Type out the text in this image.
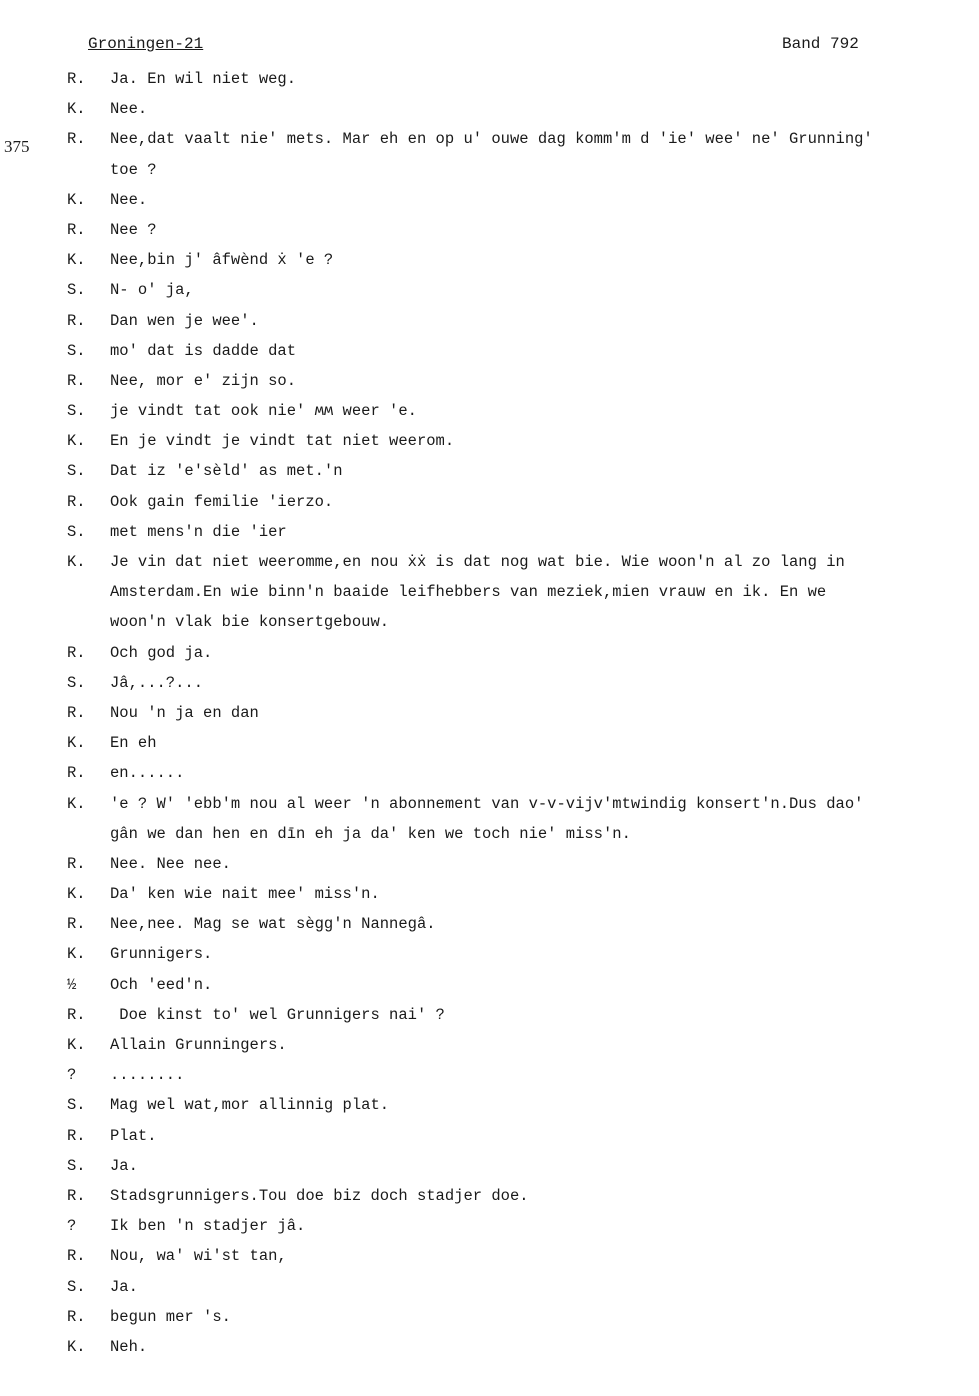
Groningen-21	Band 792
375
R.	Ja. En wil niet weg.
K.	Nee.
R.	Nee,dat vaalt nie' mets. Mar eh en op u' ouwe dag komm'm d 'ie' wee' ne' Grunning'
toe ?
K.	Nee.
R.	Nee ?
K.	Nee,bin j' âfwènd ẋ 'e ?
S.	N- o' ja,
R.	Dan wen je wee'.
S.	mo' dat is dadde dat
R.	Nee, mor e' zijn so.
S.	je vindt tat ook nie' ʍʍ weer 'e.
K.	En je vindt je vindt tat niet weerom.
S.	Dat iz 'e'sèld' as met.'n
R.	Ook gain femilie 'ierzo.
S.	met mens'n die 'ier
K.	Je vin dat niet weeromme,en nou ẋẋ is dat nog wat bie. Wie woon'n al zo lang in
Amsterdam.En wie binn'n baaide leifhebbers van meziek,mien vrauw en ik. En we
woon'n vlak bie konsertgebouw.
R.	Och god ja.
S.	Jâ,...?...
R.	Nou 'n ja en dan
K.	En eh
R.	en......
K.	'e ? W' 'ebb'm nou al weer 'n abonnement van v-v-vijv'mtwindig konsert'n.Dus dao'
gân we dan hen en dīn eh ja da' ken we toch nie' miss'n.
R.	Nee. Nee nee.
K.	Da' ken wie nait mee' miss'n.
R.	Nee,nee. Mag se wat sègg'n Nannegâ.
K.	Grunnigers.
½	Och 'eed'n.
R.	Doe kinst to' wel Grunnigers nai' ?
K.	Allain Grunningers.
?	........
S.	Mag wel wat,mor allinnig plat.
R.	Plat.
S.	Ja.
R.	Stadsgrunnigers.Tou doe biz doch stadjer doe.
?	Ik ben 'n stadjer jâ.
R.	Nou, wa' wi'st tan,
S.	Ja.
R.	begun mer 's.
K.	Neh.
